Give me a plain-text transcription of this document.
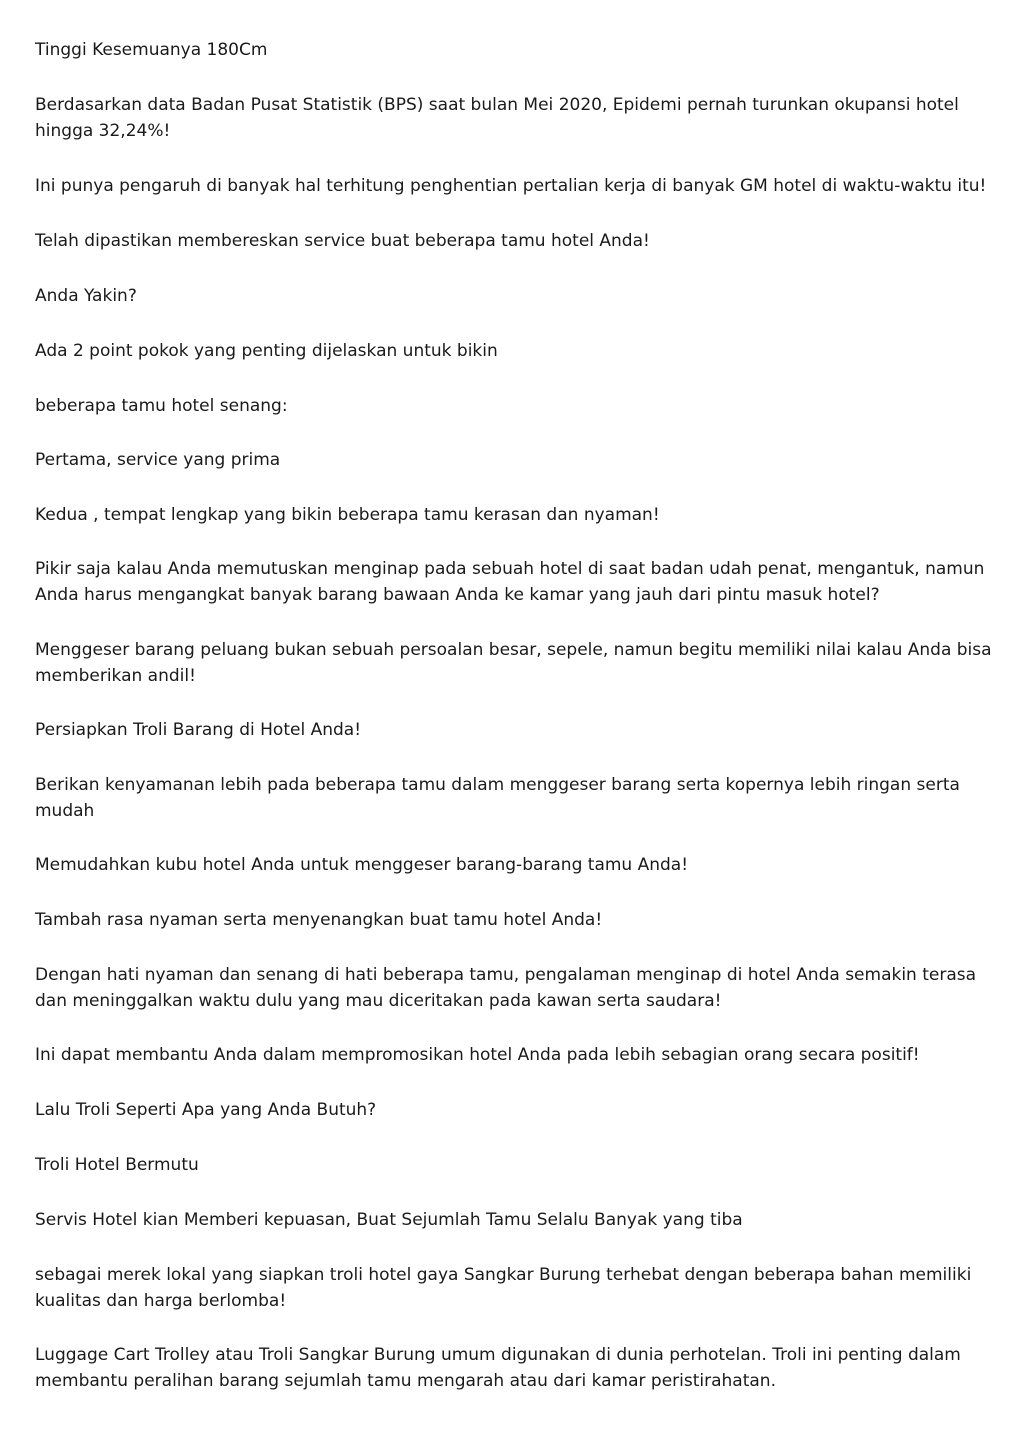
Tinggi Kesemuanya 180Cm

Berdasarkan data Badan Pusat Statistik (BPS) saat bulan Mei 2020, Epidemi pernah turunkan okupansi hotel hingga 32,24%!

Ini punya pengaruh di banyak hal terhitung penghentian pertalian kerja di banyak GM hotel di waktu-waktu itu!

Telah dipastikan membereskan service buat beberapa tamu hotel Anda!

Anda Yakin?

Ada 2 point pokok yang penting dijelaskan untuk bikin

beberapa tamu hotel senang:

Pertama, service yang prima

Kedua , tempat lengkap yang bikin beberapa tamu kerasan dan nyaman!

Pikir saja kalau Anda memutuskan menginap pada sebuah hotel di saat badan udah penat, mengantuk, namun Anda harus mengangkat banyak barang bawaan Anda ke kamar yang jauh dari pintu masuk hotel?

Menggeser barang peluang bukan sebuah persoalan besar, sepele, namun begitu memiliki nilai kalau Anda bisa memberikan andil!

Persiapkan Troli Barang di Hotel Anda!

Berikan kenyamanan lebih pada beberapa tamu dalam menggeser barang serta kopernya lebih ringan serta mudah

Memudahkan kubu hotel Anda untuk menggeser barang-barang tamu Anda!

Tambah rasa nyaman serta menyenangkan buat tamu hotel Anda!

Dengan hati nyaman dan senang di hati beberapa tamu, pengalaman menginap di hotel Anda semakin terasa dan meninggalkan waktu dulu yang mau diceritakan pada kawan serta saudara!

Ini dapat membantu Anda dalam mempromosikan hotel Anda pada lebih sebagian orang secara positif!

Lalu Troli Seperti Apa yang Anda Butuh?

Troli Hotel Bermutu

Servis Hotel kian Memberi kepuasan, Buat Sejumlah Tamu Selalu Banyak yang tiba

sebagai merek lokal yang siapkan troli hotel gaya Sangkar Burung terhebat dengan beberapa bahan memiliki kualitas dan harga berlomba!

Luggage Cart Trolley atau Troli Sangkar Burung umum digunakan di dunia perhotelan. Troli ini penting dalam membantu peralihan barang sejumlah tamu mengarah atau dari kamar peristirahatan.
